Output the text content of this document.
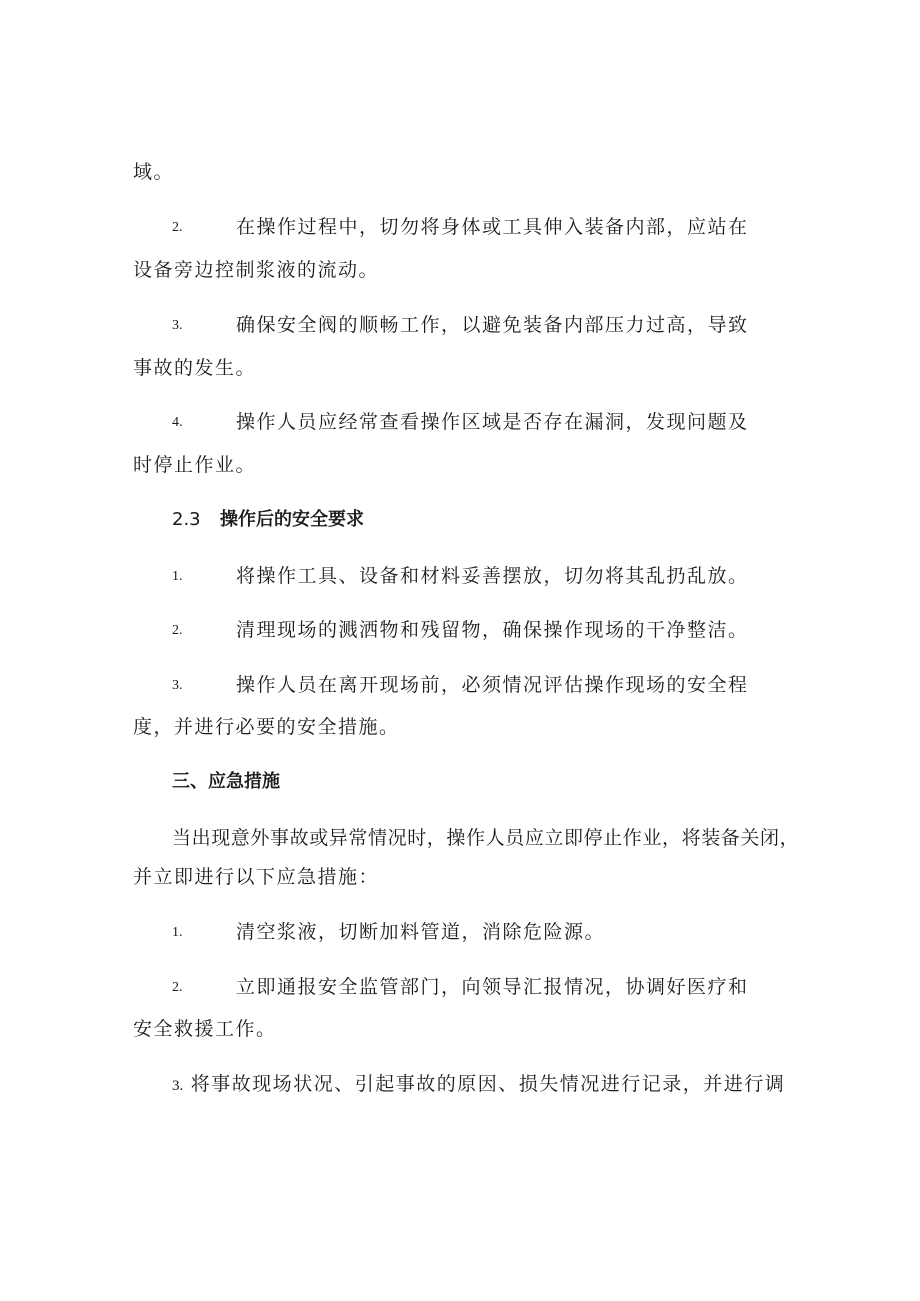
域。
2.	在操作过程中，切勿将身体或工具伸入装备内部，应站在
设备旁边控制浆液的流动。
3.	确保安全阀的顺畅工作，以避免装备内部压力过高，导致
事故的发生。
4.	操作人员应经常查看操作区域是否存在漏洞，发现问题及
时停止作业。
2.3 操作后的安全要求
1.	将操作工具、设备和材料妥善摆放，切勿将其乱扔乱放。
2.	清理现场的溅洒物和残留物，确保操作现场的干净整洁。
3.	操作人员在离开现场前，必须情况评估操作现场的安全程
度，并进行必要的安全措施。
三、应急措施
当出现意外事故或异常情况时，操作人员应立即停止作业，将装备关闭，
并立即进行以下应急措施：
1.	清空浆液，切断加料管道，消除危险源。
2.	立即通报安全监管部门，向领导汇报情况，协调好医疗和
安全救援工作。
3. 将事故现场状况、引起事故的原因、损失情况进行记录，并进行调
